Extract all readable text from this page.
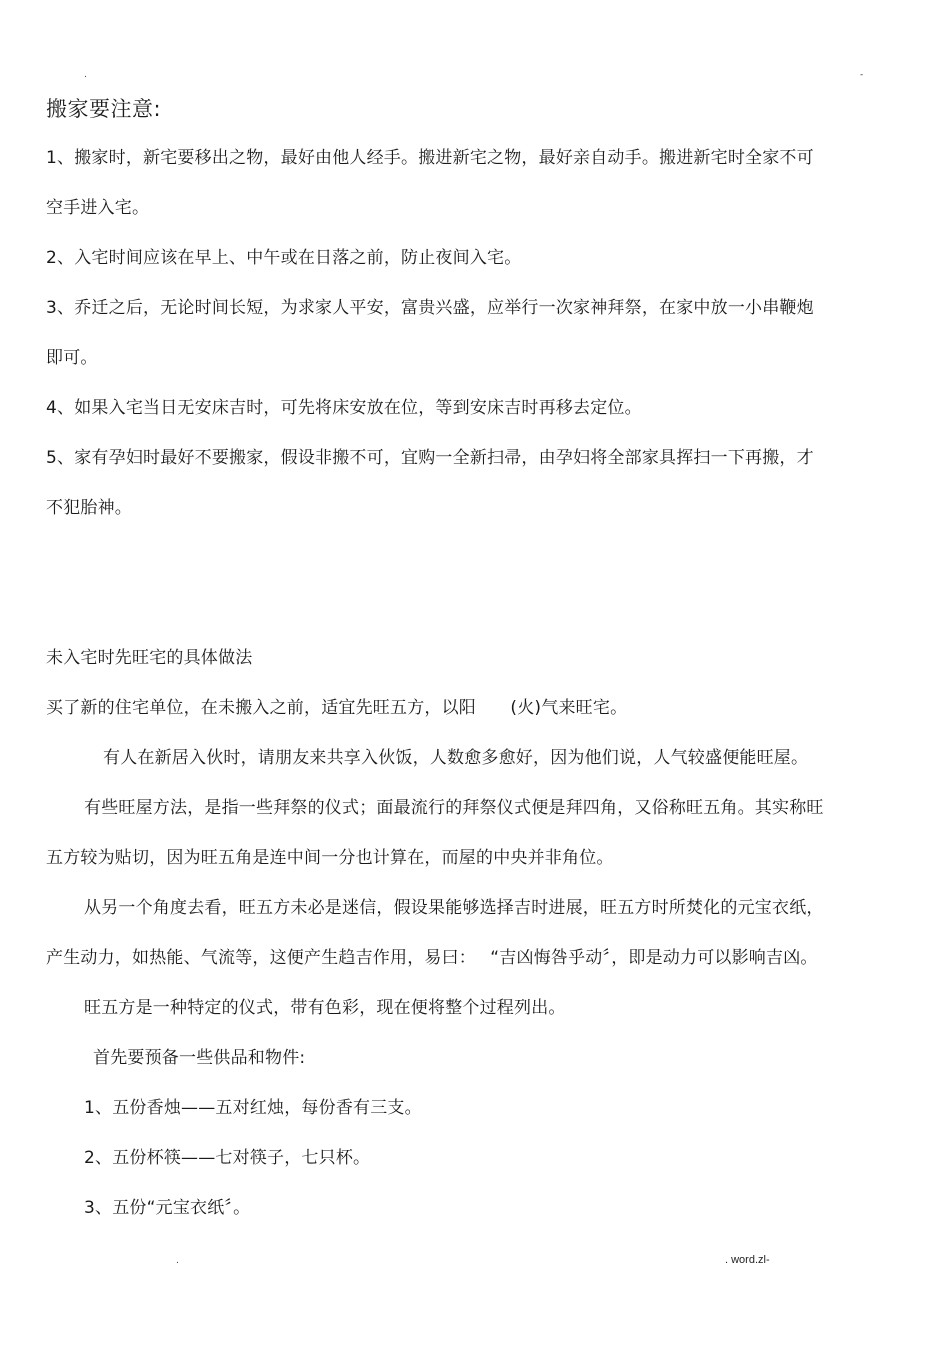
.	-
搬家要注意:
1、搬家时，新宅要移出之物，最好由他人经手。搬进新宅之物，最好亲自动手。搬进新宅时全家不可
空手进入宅。
2、入宅时间应该在早上、中午或在日落之前，防止夜间入宅。
3、乔迁之后，无论时间长短，为求家人平安，富贵兴盛，应举行一次家神拜祭，在家中放一小串鞭炮
即可。
4、如果入宅当日无安床吉时，可先将床安放在位，等到安床吉时再移去定位。
5、家有孕妇时最好不要搬家，假设非搬不可，宜购一全新扫帚，由孕妇将全部家具挥扫一下再搬，才
不犯胎神。
未入宅时先旺宅的具体做法
买了新的住宅单位，在未搬入之前，适宜先旺五方，以阳　　(火)气来旺宅。
有人在新居入伙时，请朋友来共享入伙饭，人数愈多愈好，因为他们说，人气较盛便能旺屋。
有些旺屋方法，是指一些拜祭的仪式；面最流行的拜祭仪式便是拜四角，又俗称旺五角。其实称旺
五方较为贴切，因为旺五角是连中间一分也计算在，而屋的中央并非角位。
从另一个角度去看，旺五方未必是迷信，假设果能够选择吉时进展，旺五方时所焚化的元宝衣纸，
产生动力，如热能、气流等，这便产生趋吉作用，易曰：　 “吉凶悔咎乎动〞，即是动力可以影响吉凶。
旺五方是一种特定的仪式，带有色彩，现在便将整个过程列出。
首先要预备一些供品和物件:
1、五份香烛——五对红烛，每份香有三支。
2、五份杯筷——七对筷子，七只杯。
3、五份“元宝衣纸〞。
.	. word.zl-
